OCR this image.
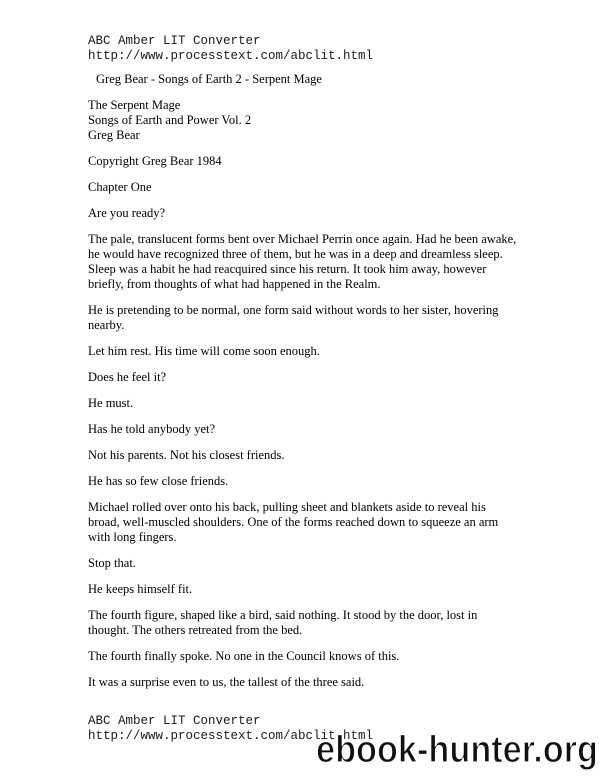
ABC Amber LIT Converter
http://www.processtext.com/abclit.html
Greg Bear - Songs of Earth 2 - Serpent Mage

The Serpent Mage
Songs of Earth and Power Vol. 2
Greg Bear

Copyright Greg Bear 1984

Chapter One

Are you ready?

The pale, translucent forms bent over Michael Perrin once again. Had he been awake, he would have recognized three of them, but he was in a deep and dreamless sleep. Sleep was a habit he had reacquired since his return. It took him away, however briefly, from thoughts of what had happened in the Realm.

He is pretending to be normal, one form said without words to her sister, hovering nearby.

Let him rest. His time will come soon enough.

Does he feel it?

He must.

Has he told anybody yet?

Not his parents. Not his closest friends.

He has so few close friends.

Michael rolled over onto his back, pulling sheet and blankets aside to reveal his broad, well-muscled shoulders. One of the forms reached down to squeeze an arm with long fingers.

Stop that.

He keeps himself fit.

The fourth figure, shaped like a bird, said nothing. It stood by the door, lost in thought. The others retreated from the bed.

The fourth finally spoke. No one in the Council knows of this.

It was a surprise even to us, the tallest of the three said.

ABC Amber LIT Converter
http://www.processtext.com/abclit.html
ebook-hunter.org
